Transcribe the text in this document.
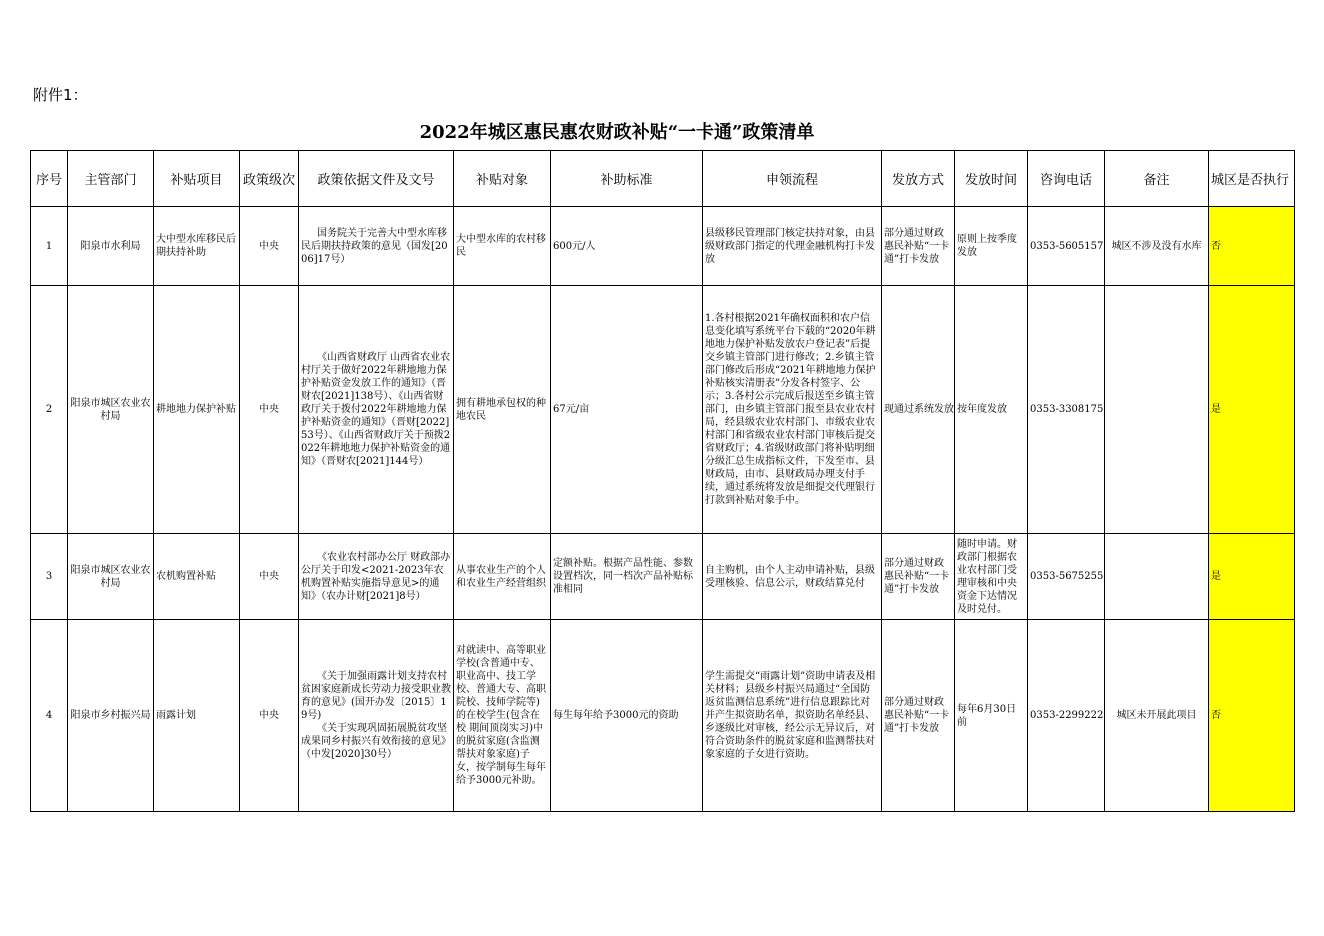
附件1：
2022年城区惠民惠农财政补贴“一卡通”政策清单
序号	主管部门	补贴项目	政策级次	政策依据文件及文号	补贴对象	补助标准	申领流程	发放方式	发放时间	咨询电话	备注	城区是否执行
1	阳泉市水利局	大中型水库移民后期扶持补助	中央	国务院关于完善大中型水库移民后期扶持政策的意见（国发[2006]17号）	大中型水库的农村移民	600元/人	县级移民管理部门核定扶持对象，由县级财政部门指定的代理金融机构打卡发放	部分通过财政惠民补贴“一卡通”打卡发放	原则上按季度发放	0353-5605157	城区不涉及没有水库	否
2	阳泉市城区农业农村局	耕地地力保护补贴	中央	《山西省财政厅 山西省农业农村厅关于做好2022年耕地地力保护补贴资金发放工作的通知》（晋财农[2021]138号）、《山西省财政厅关于拨付2022年耕地地力保护补贴资金的通知》（晋财[2022]53号）、《山西省财政厅关于预拨2022年耕地地力保护补贴资金的通知》（晋财农[2021]144号）	拥有耕地承包权的种地农民	67元/亩	1.各村根据2021年确权面积和农户信息变化填写系统平台下载的“2020年耕地地力保护补贴发放农户登记表”后提交乡镇主管部门进行修改；2.乡镇主管部门修改后形成“2021年耕地地力保护补贴核实清册表”分发各村签字、公示；3.各村公示完成后报送至乡镇主管部门，由乡镇主管部门报至县农业农村局，经县级农业农村部门、市级农业农村部门和省级农业农村部门审核后提交省财政厅；4.省级财政部门将补贴明细分级汇总生成指标文件，下发至市、县财政局，由市、县财政局办理支付手续，通过系统将发放是细提交代理银行打款到补贴对象手中。	现通过系统发放	按年度发放	0353-3308175		是
3	阳泉市城区农业农村局	农机购置补贴	中央	《农业农村部办公厅 财政部办公厅关于印发<2021-2023年农机购置补贴实施指导意见>的通知》（农办计财[2021]8号）	从事农业生产的个人和农业生产经营组织	定额补贴。根据产品性能、参数设置档次，同一档次产品补贴标准相同	自主购机，由个人主动申请补贴，县级受理核验、信息公示，财政结算兑付	部分通过财政惠民补贴“一卡通”打卡发放	随时申请。财政部门根据农业农村部门受理审核和中央资金下达情况及时兑付。	0353-5675255		是
4	阳泉市乡村振兴局	雨露计划	中央	《关于加强雨露计划支持农村贫困家庭新成长劳动力接受职业教育的意见》(国开办发〔2015〕19号)
《关于实现巩固拓展脱贫攻坚成果同乡村振兴有效衔接的意见》（中发[2020]30号）	对就读中、高等职业学校(含普通中专、职业高中、技工学 校、普通大专、高职院校、技师学院等) 的在校学生(包含在校 期间顶岗实习)中的脱贫家庭(含监测帮扶对象家庭)子女，按学制每生每年给予3000元补助。	每生每年给予3000元的资助	学生需提交“雨露计划”资助申请表及相关材料；县级乡村振兴局通过“全国防返贫监测信息系统”进行信息跟踪比对并产生拟资助名单，拟资助名单经县、乡逐级比对审核，经公示无异议后，对符合资助条件的脱贫家庭和监测帮扶对象家庭的子女进行资助。	部分通过财政惠民补贴“一卡通”打卡发放	每年6月30日前	0353-2299222	城区未开展此项目	否
